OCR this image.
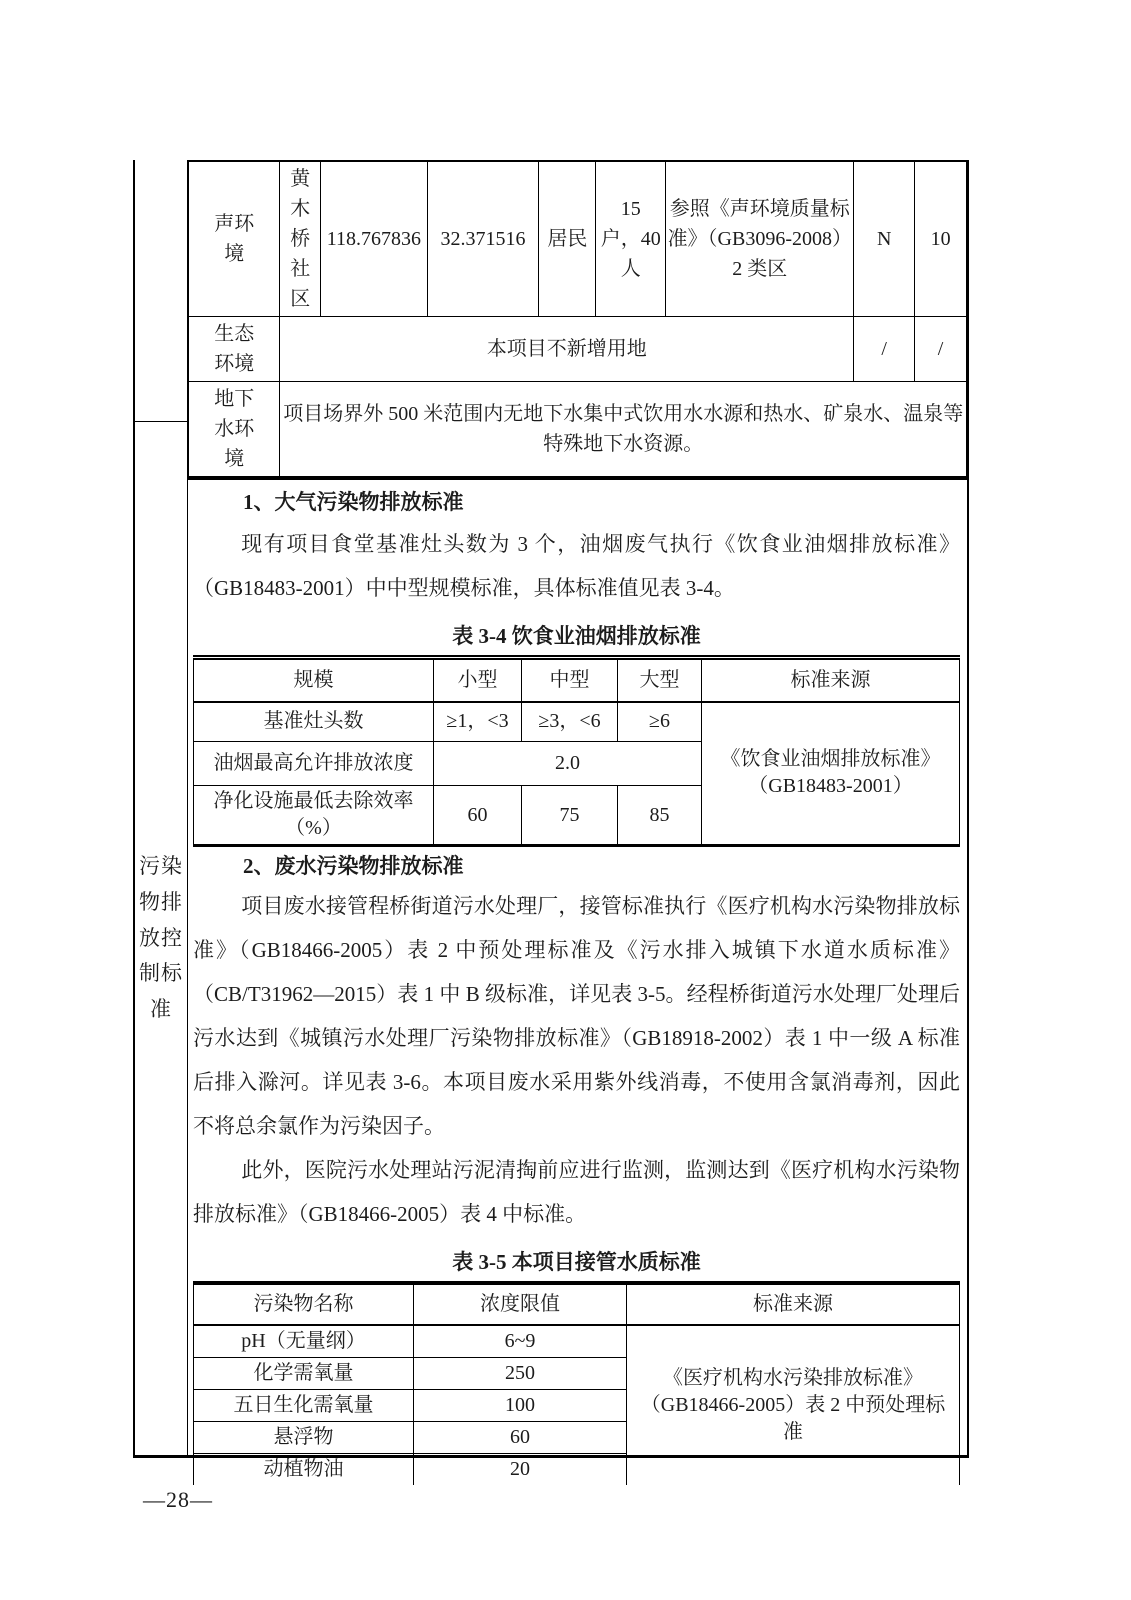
污染物排放控制标准
声环境	黄木桥社区	118.767836	32.371516	居民	15 户，40 人	参照《声环境质量标准》（GB3096-2008）2 类区	N	10

生态环境	本项目不新增用地						/	/

地下水环境	项目场界外 500 米范围内无地下水集中式饮用水水源和热水、矿泉水、温泉等特殊地下水资源。							
1、大气污染物排放标准

现有项目食堂基准灶头数为 3 个，油烟废气执行《饮食业油烟排放标准》（GB18483-2001）中中型规模标准，具体标准值见表 3-4。

表 3-4 饮食业油烟排放标准
规模	小型	中型	大型	标准来源
基准灶头数	≥1，<3	≥3，<6	≥6	《饮食业油烟排放标准》（GB18483-2001）
油烟最高允许排放浓度	2.0			
净化设施最低去除效率（%）	60	75	85	
2、废水污染物排放标准

项目废水接管程桥街道污水处理厂，接管标准执行《医疗机构水污染物排放标准》（GB18466-2005）表 2 中预处理标准及《污水排入城镇下水道水质标准》（CB/T31962—2015）表 1 中 B 级标准，详见表 3-5。经程桥街道污水处理厂处理后污水达到《城镇污水处理厂污染物排放标准》（GB18918-2002）表 1 中一级 A 标准后排入滁河。详见表 3-6。本项目废水采用紫外线消毒，不使用含氯消毒剂，因此不将总余氯作为污染因子。

此外，医院污水处理站污泥清掏前应进行监测，监测达到《医疗机构水污染物排放标准》（GB18466-2005）表 4 中标准。

表 3-5 本项目接管水质标准
污染物名称	浓度限值	标准来源
pH（无量纲）	6~9	《医疗机构水污染排放标准》（GB18466-2005）表 2 中预处理标准
化学需氧量	250	
五日生化需氧量	100	
悬浮物	60	
动植物油	20	
—28—
